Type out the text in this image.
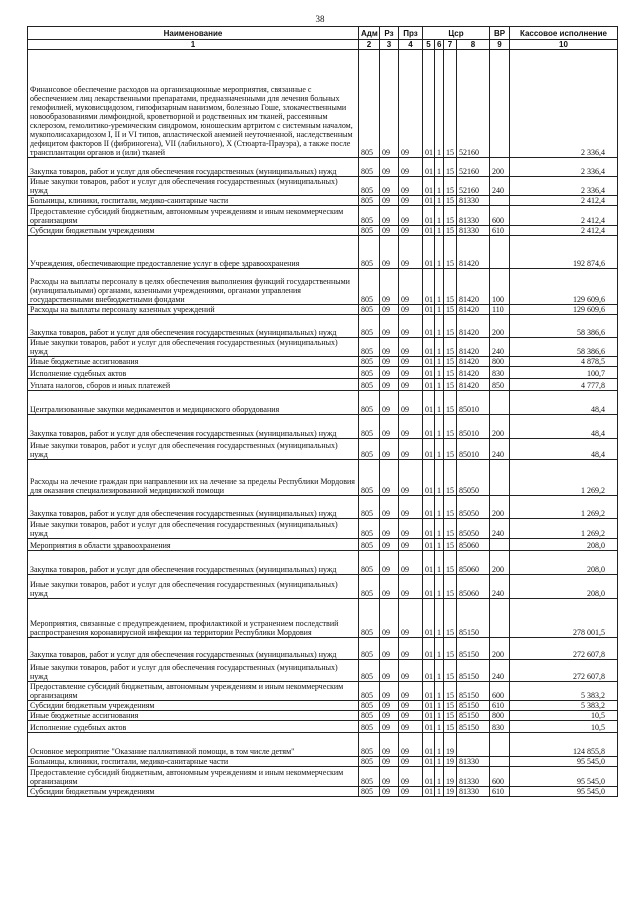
38
Наименование	Адм	Рз	Прз	Цср				ВР	Кассовое исполнение
1	2	3	4	5	6	7	8	9	10
Финансовое обеспечение расходов на организационные мероприятия, связанные с обеспечением лиц лекарственными препаратами, предназначенными для лечения больных гемофилией, муковисцидозом, гипофизарным нанизмом, болезнью Гоше, злокачественными новообразованиями лимфоидной, кроветворной и родственных им тканей, рассеянным склерозом, гемолитико-уремическим синдромом, юношеским артритом с системным началом, мукополисахаридозом I, II и VI типов, апластической анемией неуточненной, наследственным дефицитом факторов II (фибриногена), VII (лабильного), X (Стюарта-Прауэра), а также после трансплантации органов и (или) тканей	805	09	09	01	1	15	52160		2 336,4
Закупка товаров, работ и услуг для обеспечения государственных (муниципальных) нужд	805	09	09	01	1	15	52160	200	2 336,4
Иные закупки товаров, работ и услуг для обеспечения государственных (муниципальных) нужд	805	09	09	01	1	15	52160	240	2 336,4
Больницы, клиники, госпитали, медико-санитарные части	805	09	09	01	1	15	81330		2 412,4
Предоставление субсидий бюджетным, автономным учреждениям и иным некоммерческим организациям	805	09	09	01	1	15	81330	600	2 412,4
Субсидии бюджетным учреждениям	805	09	09	01	1	15	81330	610	2 412,4
Учреждения, обеспечивающие предоставление услуг в сфере здравоохранения	805	09	09	01	1	15	81420		192 874,6
Расходы на выплаты персоналу в целях обеспечения выполнения функций государственными (муниципальными) органами, казенными учреждениями, органами управления государственными внебюджетными фондами	805	09	09	01	1	15	81420	100	129 609,6
Расходы на выплаты персоналу казенных учреждений	805	09	09	01	1	15	81420	110	129 609,6
Закупка товаров, работ и услуг для обеспечения государственных (муниципальных) нужд	805	09	09	01	1	15	81420	200	58 386,6
Иные закупки товаров, работ и услуг для обеспечения государственных (муниципальных) нужд	805	09	09	01	1	15	81420	240	58 386,6
Иные бюджетные ассигнования	805	09	09	01	1	15	81420	800	4 878,5
Исполнение судебных актов	805	09	09	01	1	15	81420	830	100,7
Уплата налогов, сборов и иных платежей	805	09	09	01	1	15	81420	850	4 777,8
Централизованные закупки медикаментов и медицинского оборудования	805	09	09	01	1	15	85010		48,4
Закупка товаров, работ и услуг для обеспечения государственных (муниципальных) нужд	805	09	09	01	1	15	85010	200	48,4
Иные закупки товаров, работ и услуг для обеспечения государственных (муниципальных) нужд	805	09	09	01	1	15	85010	240	48,4
Расходы на лечение граждан при направлении их на лечение за пределы Республики Мордовия для оказания специализированной медицинской помощи	805	09	09	01	1	15	85050		1 269,2
Закупка товаров, работ и услуг для обеспечения государственных (муниципальных) нужд	805	09	09	01	1	15	85050	200	1 269,2
Иные закупки товаров, работ и услуг для обеспечения государственных (муниципальных) нужд	805	09	09	01	1	15	85050	240	1 269,2
Мероприятия в области здравоохранения	805	09	09	01	1	15	85060		208,0
Закупка товаров, работ и услуг для обеспечения государственных (муниципальных) нужд	805	09	09	01	1	15	85060	200	208,0
Иные закупки товаров, работ и услуг для обеспечения государственных (муниципальных) нужд	805	09	09	01	1	15	85060	240	208,0
Мероприятия, связанные с предупреждением, профилактикой и устранением последствий распространения коронавирусной инфекции на территории Республики Мордовия	805	09	09	01	1	15	85150		278 001,5
Закупка товаров, работ и услуг для обеспечения государственных (муниципальных) нужд	805	09	09	01	1	15	85150	200	272 607,8
Иные закупки товаров, работ и услуг для обеспечения государственных (муниципальных) нужд	805	09	09	01	1	15	85150	240	272 607,8
Предоставление субсидий бюджетным, автономным учреждениям и иным некоммерческим организациям	805	09	09	01	1	15	85150	600	5 383,2
Субсидии бюджетным учреждениям	805	09	09	01	1	15	85150	610	5 383,2
Иные бюджетные ассигнования	805	09	09	01	1	15	85150	800	10,5
Исполнение судебных актов	805	09	09	01	1	15	85150	830	10,5
Основное мероприятие "Оказание паллиативной помощи, в том числе детям"	805	09	09	01	1	19			124 855,8
Больницы, клиники, госпитали, медико-санитарные части	805	09	09	01	1	19	81330		95 545,0
Предоставление субсидий бюджетным, автономным учреждениям и иным некоммерческим организациям	805	09	09	01	1	19	81330	600	95 545,0
Субсидии бюджетным учреждениям	805	09	09	01	1	19	81330	610	95 545,0
